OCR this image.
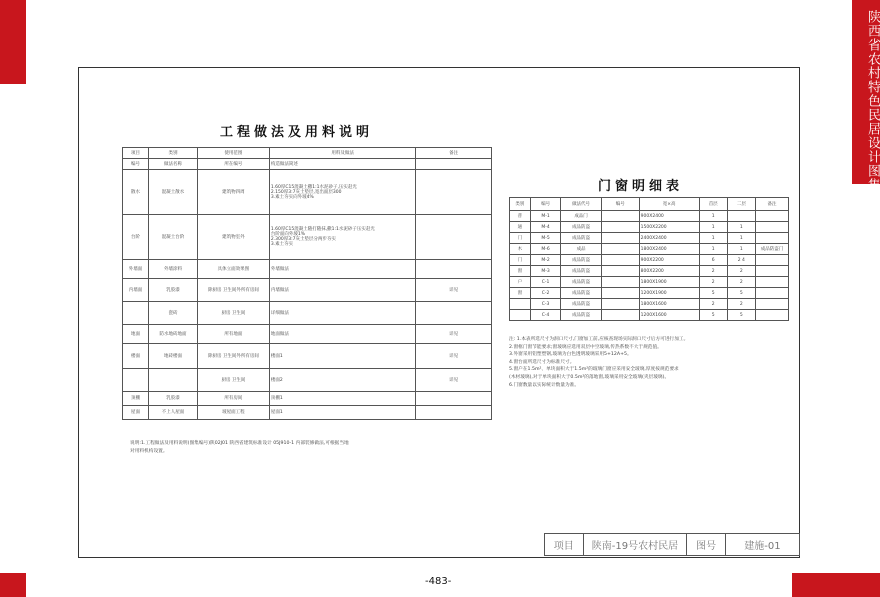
陕西省农村特色民居设计图集
工程做法及用料说明
项目	类别	使用范围	用料及做法	备注
编号	做法名称	所在编号	构造做法简述	
散水	混凝土散水	建筑物四周	1.60厚C15混凝土撒1:1水泥砂子,压实赶光
2.150厚3:7灰土垫层,宽出面层300
3.素土夯实向外坡4%	
台阶	混凝土台阶	建筑物室外	1.60厚C15混凝土随打随抹,撒1:1水泥砂子压实赶光
台阶面向外坡1%
2.300厚3:7灰土垫层分两步夯实
3.素土夯实	
外墙面	外墙涂料	具体立面效果图	外墙做法	
内墙面	乳胶漆	除厨房 卫生间外所有房间	内墙做法	详见
	瓷砖	厨房 卫生间	详细做法	
地面	防水地砖地面	所有地面	地面做法	详见
楼面	地砖楼面	除厨房 卫生间外所有房间	楼面1	详见
		厨房 卫生间	楼面2	详见
顶棚	乳胶漆	所有房间	顶棚1	
屋面	不上人屋面	坡屋面工程	屋面1	
说明:1.工程做法及用料说明(图集编号)陕02J01 陕西省建筑标准设计 05J910-1 内部装修做法,可根据当地
对用料机构设置。
门窗明细表
类别	编号	做法代号	编号	宽×高	首层	二层	备注
普	M-1	成品门		900X2400	1		
通	M-4	成品防盗		1500X2200	1	1	
门	M-5	成品防盗		2400X2400	1	1	
木	M-6	成品		1800X2400	1	1	成品防盗门
门	M-2	成品防盗		900X2200	6	2 4	
窗	M-3	成品防盗		800X2200	2	2	
户	C-1	成品防盗		1800X1900	2	2	
窗	C-2	成品防盗		1200X1900	5	5	
	C-3	成品防盗		1800X1600	2	2	
	C-4	成品防盗		1200X1600	5	5	
注: 1.本表所选尺寸为洞口尺寸,门窗加工前,应核查现场实际洞口尺寸后方可进行加工。
2.窗框门窗节能要求;窗玻璃应选用双层中空玻璃,传热系数不大于规范值。
3.外窗采用铝塑塑钢,玻璃为白色透明玻璃采用5+12A+5。
4.窗台面所选尺寸为标准尺寸。
5.窗户在1.5m²、单块面积大于1.5m²的玻璃门窗应采用安全玻璃,厚度按规范要求
(木材玻璃),对于单块面积大于0.5m²的落地窗,玻璃采用安全玻璃(夹层玻璃)。
6.门窗数量以实际统计数量为准。
项目	陕南-19号农村民居	图号	建施-01
-483-
